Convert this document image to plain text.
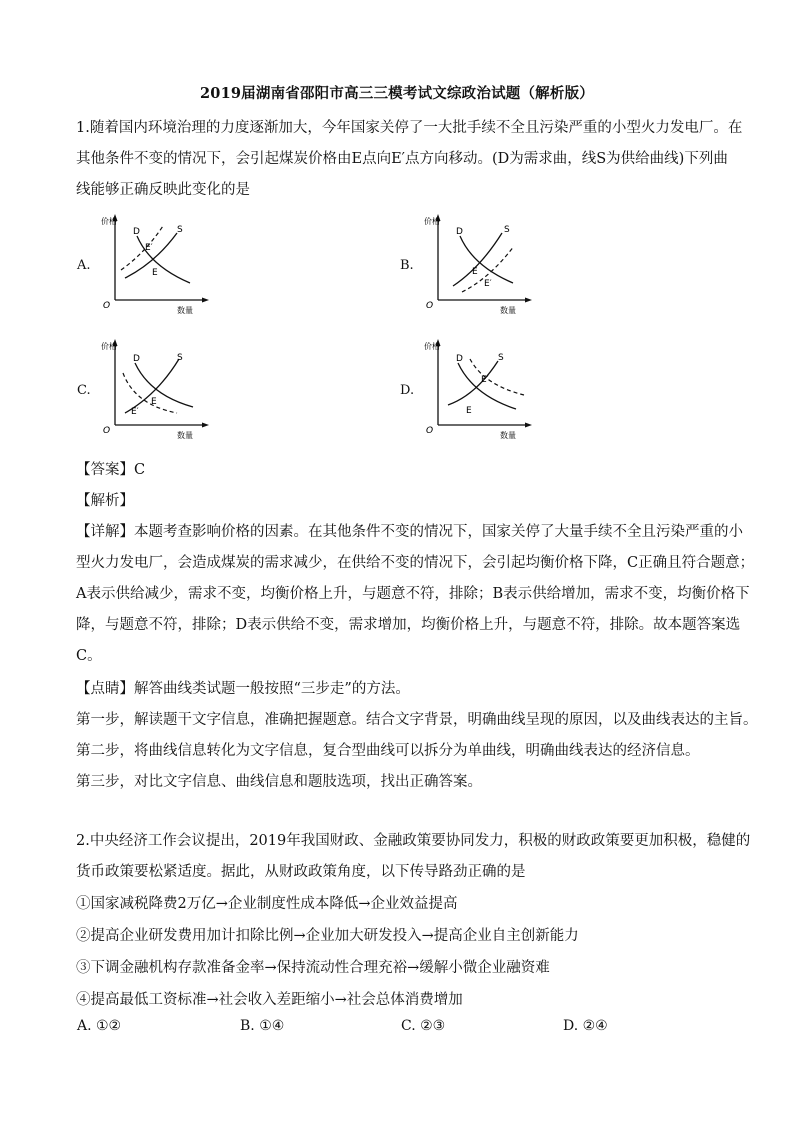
2019届湖南省邵阳市高三三模考试文综政治试题（解析版）
1.随着国内环境治理的力度逐渐加大，今年国家关停了一大批手续不全且污染严重的小型火力发电厂。在
其他条件不变的情况下，会引起煤炭价格由E点向E′点方向移动。(D为需求曲，线S为供给曲线)下列曲
线能够正确反映此变化的是
A.	B.
C.	D.
价格
O	数量
D	S
E′
E
价格
O	数量
D	S
E
E′
价格
O	数量
D	S
E
E′
价格
O	数量
D	S
E′
E
【答案】C
【解析】
【详解】本题考查影响价格的因素。在其他条件不变的情况下，国家关停了大量手续不全且污染严重的小
型火力发电厂，会造成煤炭的需求减少，在供给不变的情况下，会引起均衡价格下降，C正确且符合题意；
A表示供给减少，需求不变，均衡价格上升，与题意不符，排除；B表示供给增加，需求不变，均衡价格下
降，与题意不符，排除；D表示供给不变，需求增加，均衡价格上升，与题意不符，排除。故本题答案选
C。
【点睛】解答曲线类试题一般按照“三步走”的方法。
第一步，解读题干文字信息，准确把握题意。结合文字背景，明确曲线呈现的原因，以及曲线表达的主旨。
第二步，将曲线信息转化为文字信息，复合型曲线可以拆分为单曲线，明确曲线表达的经济信息。
第三步，对比文字信息、曲线信息和题肢选项，找出正确答案。
2.中央经济工作会议提出，2019年我国财政、金融政策要协同发力，积极的财政政策要更加积极，稳健的
货币政策要松紧适度。据此，从财政政策角度，以下传导路劲正确的是
①国家减税降费2万亿→企业制度性成本降低→企业效益提高
②提高企业研发费用加计扣除比例→企业加大研发投入→提高企业自主创新能力
③下调金融机构存款准备金率→保持流动性合理充裕→缓解小微企业融资难
④提高最低工资标准→社会收入差距缩小→社会总体消费增加
A. ①②	B. ①④	C. ②③	D. ②④
